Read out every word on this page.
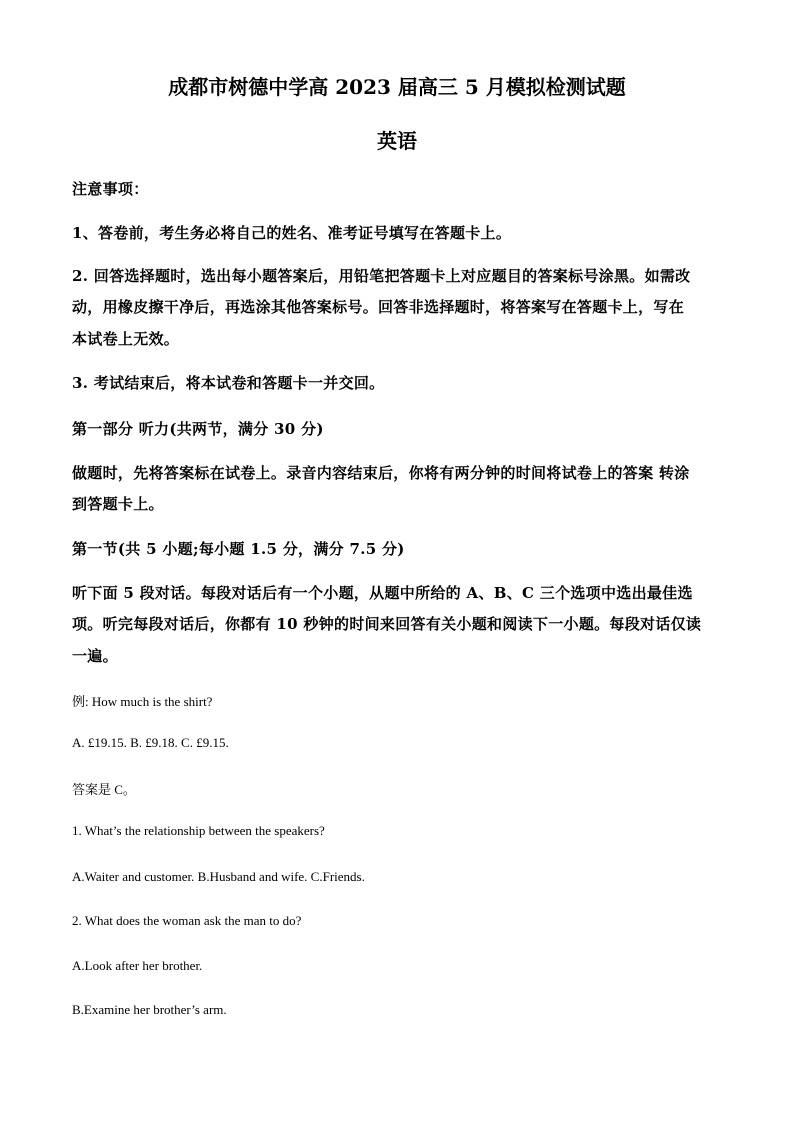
成都市树德中学高 2023 届高三 5 月模拟检测试题
英语
注意事项：
1、答卷前，考生务必将自己的姓名、准考证号填写在答题卡上。
2. 回答选择题时，选出每小题答案后，用铅笔把答题卡上对应题目的答案标号涂黑。如需改
动，用橡皮擦干净后，再选涂其他答案标号。回答非选择题时，将答案写在答题卡上，写在
本试卷上无效。
3. 考试结束后，将本试卷和答题卡一并交回。
第一部分 听力(共两节，满分 30 分)
做题时，先将答案标在试卷上。录音内容结束后，你将有两分钟的时间将试卷上的答案 转涂
到答题卡上。
第一节(共 5 小题;每小题 1.5 分，满分 7.5 分)
听下面 5 段对话。每段对话后有一个小题，从题中所给的 A、B、C 三个选项中选出最佳选
项。听完每段对话后，你都有 10 秒钟的时间来回答有关小题和阅读下一小题。每段对话仅读
一遍。
例: How much is the shirt?
A. £19.15. B. £9.18. C. £9.15.
答案是 C。
1. What’s the relationship between the speakers?
A.Waiter and customer. B.Husband and wife. C.Friends.
2. What does the woman ask the man to do?
A.Look after her brother.
B.Examine her brother’s arm.
